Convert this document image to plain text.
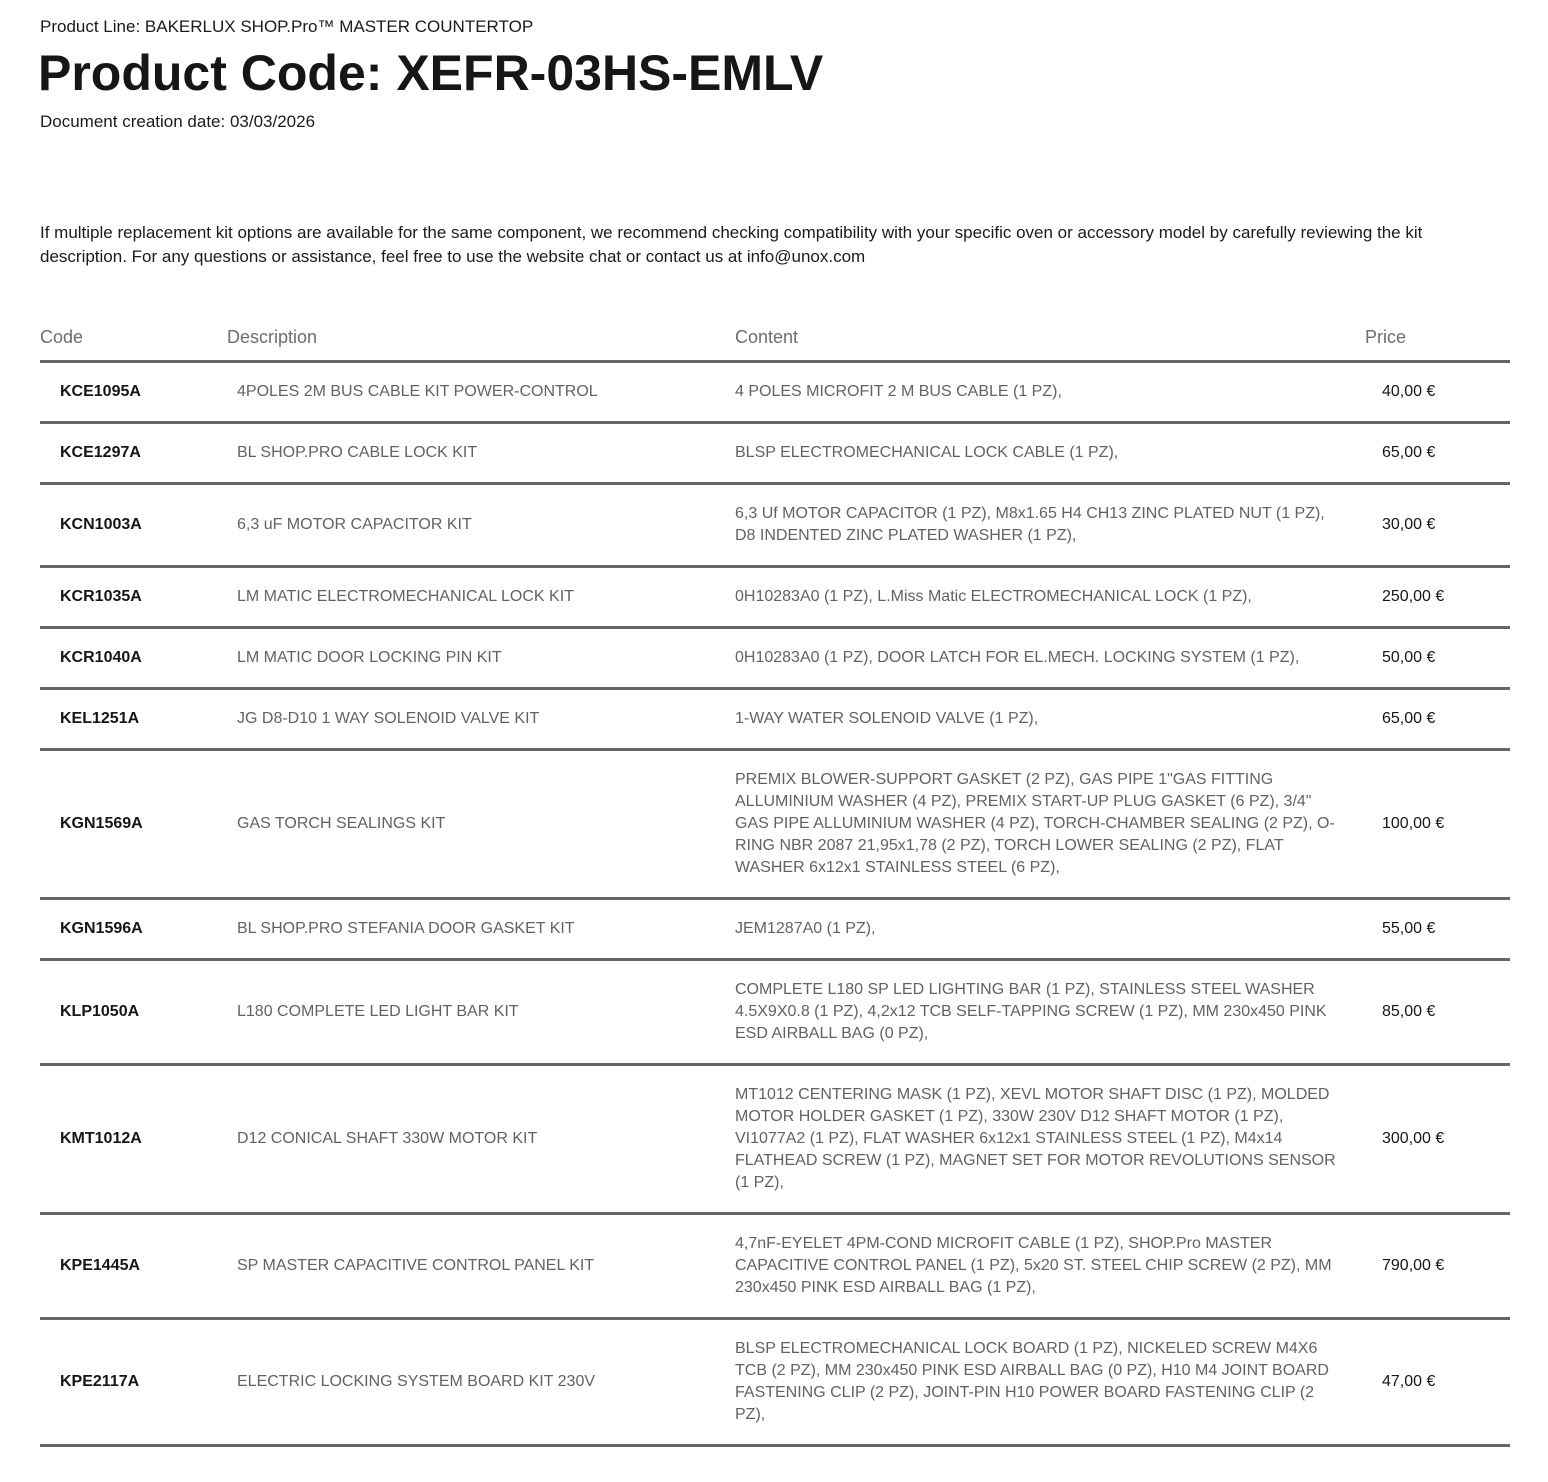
Product Line: BAKERLUX SHOP.Pro™ MASTER COUNTERTOP

Product Code: XEFR-03HS-EMLV

Document creation date: 03/03/2026

If multiple replacement kit options are available for the same component, we recommend checking compatibility with your specific oven or accessory model by carefully reviewing the kit description. For any questions or assistance, feel free to use the website chat or contact us at info@unox.com

Code	Description	Content	Price
KCE1095A	4POLES 2M BUS CABLE KIT POWER-CONTROL	4 POLES MICROFIT 2 M BUS CABLE (1 PZ),	40,00 €
KCE1297A	BL SHOP.PRO CABLE LOCK KIT	BLSP ELECTROMECHANICAL LOCK CABLE (1 PZ),	65,00 €
KCN1003A	6,3 uF MOTOR CAPACITOR KIT	6,3 Uf MOTOR CAPACITOR (1 PZ), M8x1.65 H4 CH13 ZINC PLATED NUT (1 PZ), D8 INDENTED ZINC PLATED WASHER (1 PZ),	30,00 €
KCR1035A	LM MATIC ELECTROMECHANICAL LOCK KIT	0H10283A0 (1 PZ), L.Miss Matic ELECTROMECHANICAL LOCK (1 PZ),	250,00 €
KCR1040A	LM MATIC DOOR LOCKING PIN KIT	0H10283A0 (1 PZ), DOOR LATCH FOR EL.MECH. LOCKING SYSTEM (1 PZ),	50,00 €
KEL1251A	JG D8-D10 1 WAY SOLENOID VALVE KIT	1-WAY WATER SOLENOID VALVE (1 PZ),	65,00 €
KGN1569A	GAS TORCH SEALINGS KIT	PREMIX BLOWER-SUPPORT GASKET (2 PZ), GAS PIPE 1"GAS FITTING ALLUMINIUM WASHER (4 PZ), PREMIX START-UP PLUG GASKET (6 PZ), 3/4" GAS PIPE ALLUMINIUM WASHER (4 PZ), TORCH-CHAMBER SEALING (2 PZ), O-RING NBR 2087 21,95x1,78 (2 PZ), TORCH LOWER SEALING (2 PZ), FLAT WASHER 6x12x1 STAINLESS STEEL (6 PZ),	100,00 €
KGN1596A	BL SHOP.PRO STEFANIA DOOR GASKET KIT	JEM1287A0 (1 PZ),	55,00 €
KLP1050A	L180 COMPLETE LED LIGHT BAR KIT	COMPLETE L180 SP LED LIGHTING BAR (1 PZ), STAINLESS STEEL WASHER 4.5X9X0.8 (1 PZ), 4,2x12 TCB SELF-TAPPING SCREW (1 PZ), MM 230x450 PINK ESD AIRBALL BAG (0 PZ),	85,00 €
KMT1012A	D12 CONICAL SHAFT 330W MOTOR KIT	MT1012 CENTERING MASK (1 PZ), XEVL MOTOR SHAFT DISC (1 PZ), MOLDED MOTOR HOLDER GASKET (1 PZ), 330W 230V D12 SHAFT MOTOR (1 PZ), VI1077A2 (1 PZ), FLAT WASHER 6x12x1 STAINLESS STEEL (1 PZ), M4x14 FLATHEAD SCREW (1 PZ), MAGNET SET FOR MOTOR REVOLUTIONS SENSOR (1 PZ),	300,00 €
KPE1445A	SP MASTER CAPACITIVE CONTROL PANEL KIT	4,7nF-EYELET 4PM-COND MICROFIT CABLE (1 PZ), SHOP.Pro MASTER CAPACITIVE CONTROL PANEL (1 PZ), 5x20 ST. STEEL CHIP SCREW (2 PZ), MM 230x450 PINK ESD AIRBALL BAG (1 PZ),	790,00 €
KPE2117A	ELECTRIC LOCKING SYSTEM BOARD KIT 230V	BLSP ELECTROMECHANICAL LOCK BOARD (1 PZ), NICKELED SCREW M4X6 TCB (2 PZ), MM 230x450 PINK ESD AIRBALL BAG (0 PZ), H10 M4 JOINT BOARD FASTENING CLIP (2 PZ), JOINT-PIN H10 POWER BOARD FASTENING CLIP (2 PZ),	47,00 €
